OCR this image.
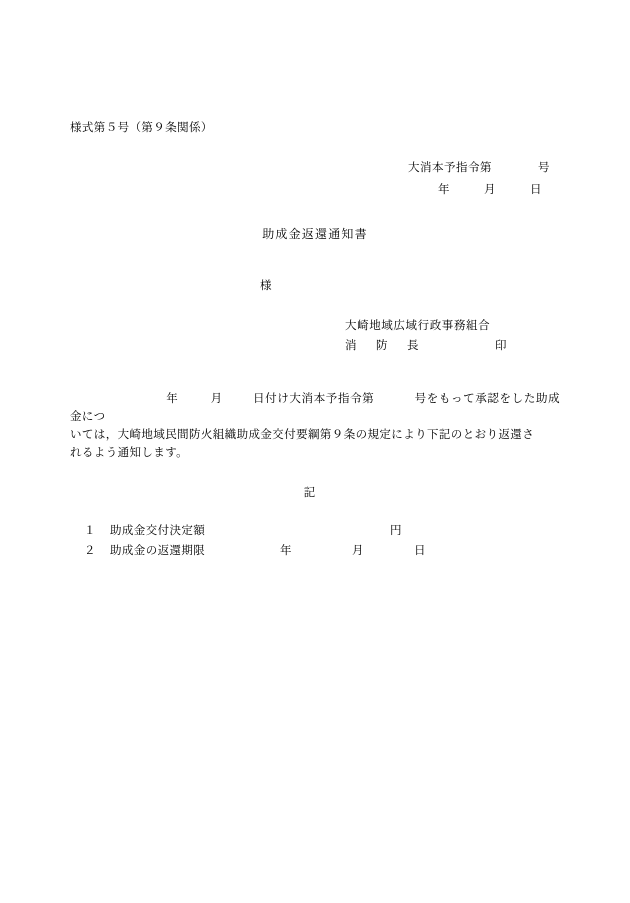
様式第５号（第９条関係）
大消本予指令第	号
年	月	日
助成金返還通知書
様
大崎地域広域行政事務組合
消　防　長	印
年	月	日付け大消本予指令第	号をもって承認をした助成金につ
いては，大崎地域民間防火組織助成金交付要綱第９条の規定により下記のとおり返還さ
れるよう通知します。
記
１ 助成金交付決定額	円
２ 助成金の返還期限	年	月	日
